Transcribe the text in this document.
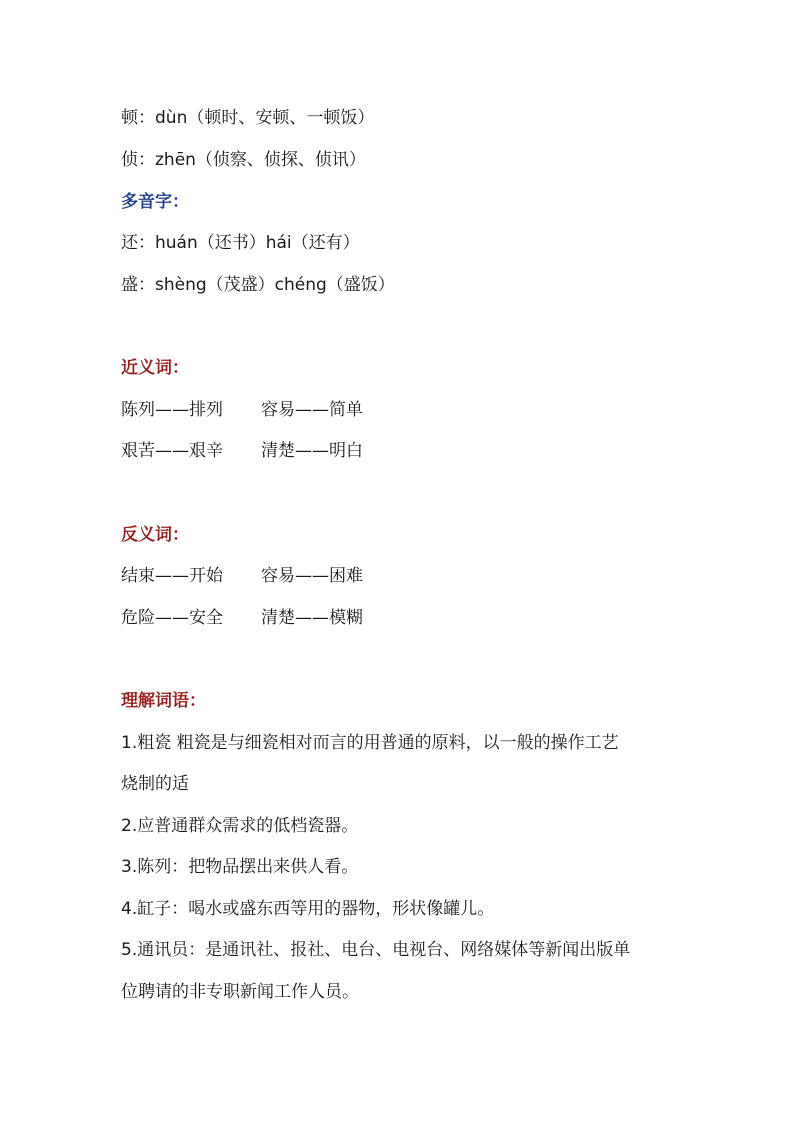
顿：dùn（顿时、安顿、一顿饭）
侦：zhēn（侦察、侦探、侦讯）
多音字：
还：huán（还书）hái（还有）
盛：shèng（茂盛）chéng（盛饭）
近义词：
陈列——排列 容易——简单
艰苦——艰辛 清楚——明白
反义词：
结束——开始 容易——困难
危险——安全 清楚——模糊
理解词语：
1.粗瓷 粗瓷是与细瓷相对而言的用普通的原料，以一般的操作工艺
烧制的适
2.应普通群众需求的低档瓷器。
3.陈列：把物品摆出来供人看。
4.缸子：喝水或盛东西等用的器物，形状像罐儿。
5.通讯员：是通讯社、报社、电台、电视台、网络媒体等新闻出版单
位聘请的非专职新闻工作人员。
